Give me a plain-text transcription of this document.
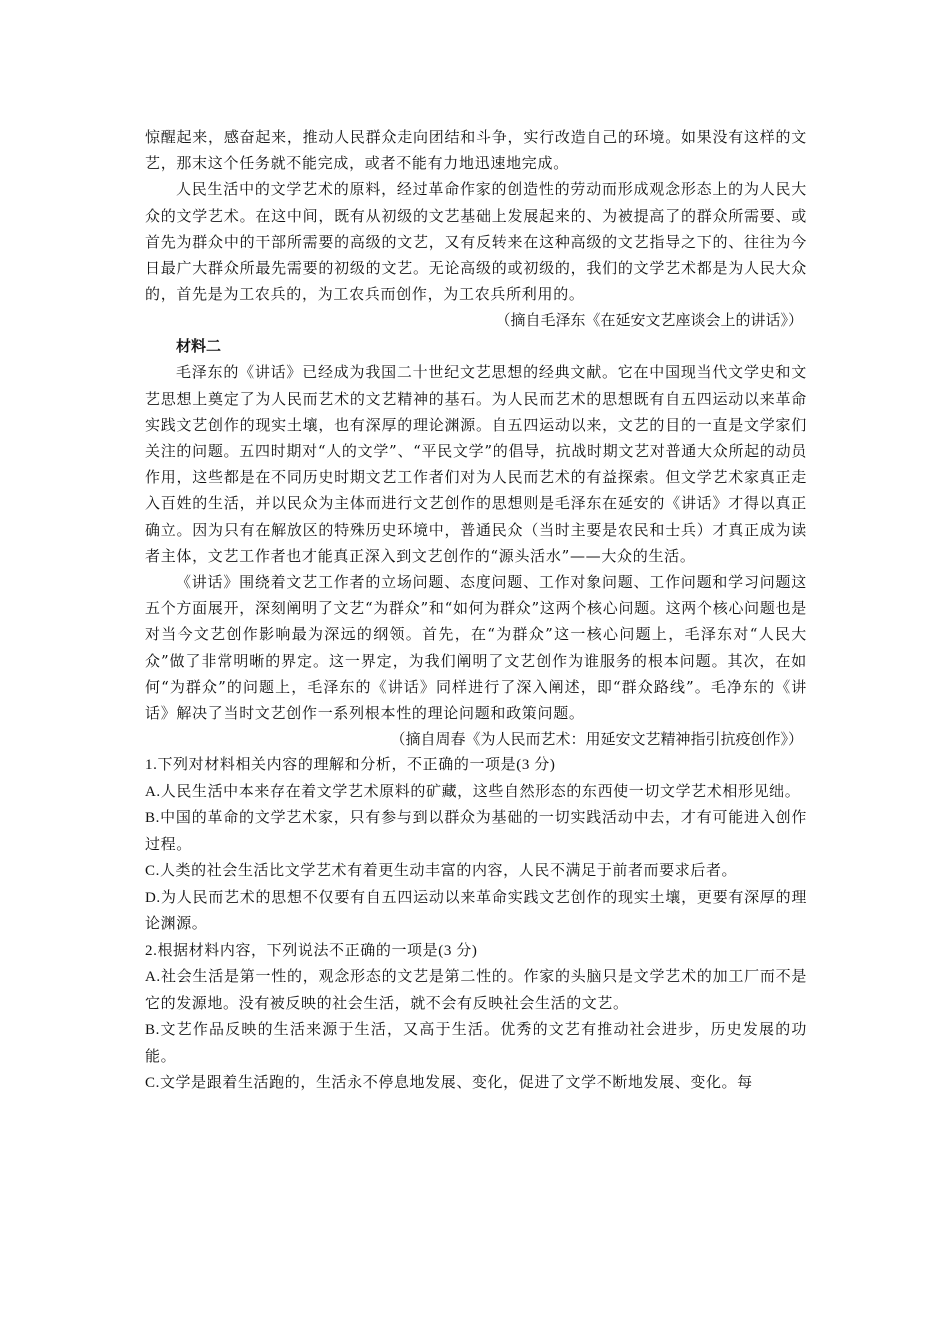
惊醒起来，感奋起来，推动人民群众走向团结和斗争，实行改造自己的环境。如果没有这样的文艺，那末这个任务就不能完成，或者不能有力地迅速地完成。

人民生活中的文学艺术的原料，经过革命作家的创造性的劳动而形成观念形态上的为人民大众的文学艺术。在这中间，既有从初级的文艺基础上发展起来的、为被提高了的群众所需要、或首先为群众中的干部所需要的高级的文艺，又有反转来在这种高级的文艺指导之下的、往往为今日最广大群众所最先需要的初级的文艺。无论高级的或初级的，我们的文学艺术都是为人民大众的，首先是为工农兵的，为工农兵而创作，为工农兵所利用的。

（摘自毛泽东《在延安文艺座谈会上的讲话》）

材料二

毛泽东的《讲话》已经成为我国二十世纪文艺思想的经典文献。它在中国现当代文学史和文艺思想上奠定了为人民而艺术的文艺精神的基石。为人民而艺术的思想既有自五四运动以来革命实践文艺创作的现实土壤，也有深厚的理论渊源。自五四运动以来，文艺的目的一直是文学家们关注的问题。五四时期对“人的文学”、“平民文学”的倡导，抗战时期文艺对普通大众所起的动员作用，这些都是在不同历史时期文艺工作者们对为人民而艺术的有益探索。但文学艺术家真正走入百姓的生活，并以民众为主体而进行文艺创作的思想则是毛泽东在延安的《讲话》才得以真正确立。因为只有在解放区的特殊历史环境中，普通民众（当时主要是农民和士兵）才真正成为读者主体，文艺工作者也才能真正深入到文艺创作的“源头活水”——大众的生活。

《讲话》围绕着文艺工作者的立场问题、态度问题、工作对象问题、工作问题和学习问题这五个方面展开，深刻阐明了文艺“为群众”和“如何为群众”这两个核心问题。这两个核心问题也是对当今文艺创作影响最为深远的纲领。首先，在“为群众”这一核心问题上，毛泽东对“人民大众”做了非常明晰的界定。这一界定，为我们阐明了文艺创作为谁服务的根本问题。其次，在如何“为群众”的问题上，毛泽东的《讲话》同样进行了深入阐述，即“群众路线”。毛净东的《讲话》解决了当时文艺创作一系列根本性的理论问题和政策问题。

（摘自周春《为人民而艺术：用延安文艺精神指引抗疫创作》）

1.下列对材料相关内容的理解和分析，不正确的一项是(3 分)

A.人民生活中本来存在着文学艺术原料的矿藏，这些自然形态的东西使一切文学艺术相形见绌。

B.中国的革命的文学艺术家，只有参与到以群众为基础的一切实践活动中去，才有可能进入创作过程。

C.人类的社会生活比文学艺术有着更生动丰富的内容，人民不满足于前者而要求后者。

D.为人民而艺术的思想不仅要有自五四运动以来革命实践文艺创作的现实土壤，更要有深厚的理论渊源。

2.根据材料内容，下列说法不正确的一项是(3 分)

A.社会生活是第一性的，观念形态的文艺是第二性的。作家的头脑只是文学艺术的加工厂而不是它的发源地。没有被反映的社会生活，就不会有反映社会生活的文艺。

B.文艺作品反映的生活来源于生活，又高于生活。优秀的文艺有推动社会进步，历史发展的功能。

C.文学是跟着生活跑的，生活永不停息地发展、变化，促进了文学不断地发展、变化。每
